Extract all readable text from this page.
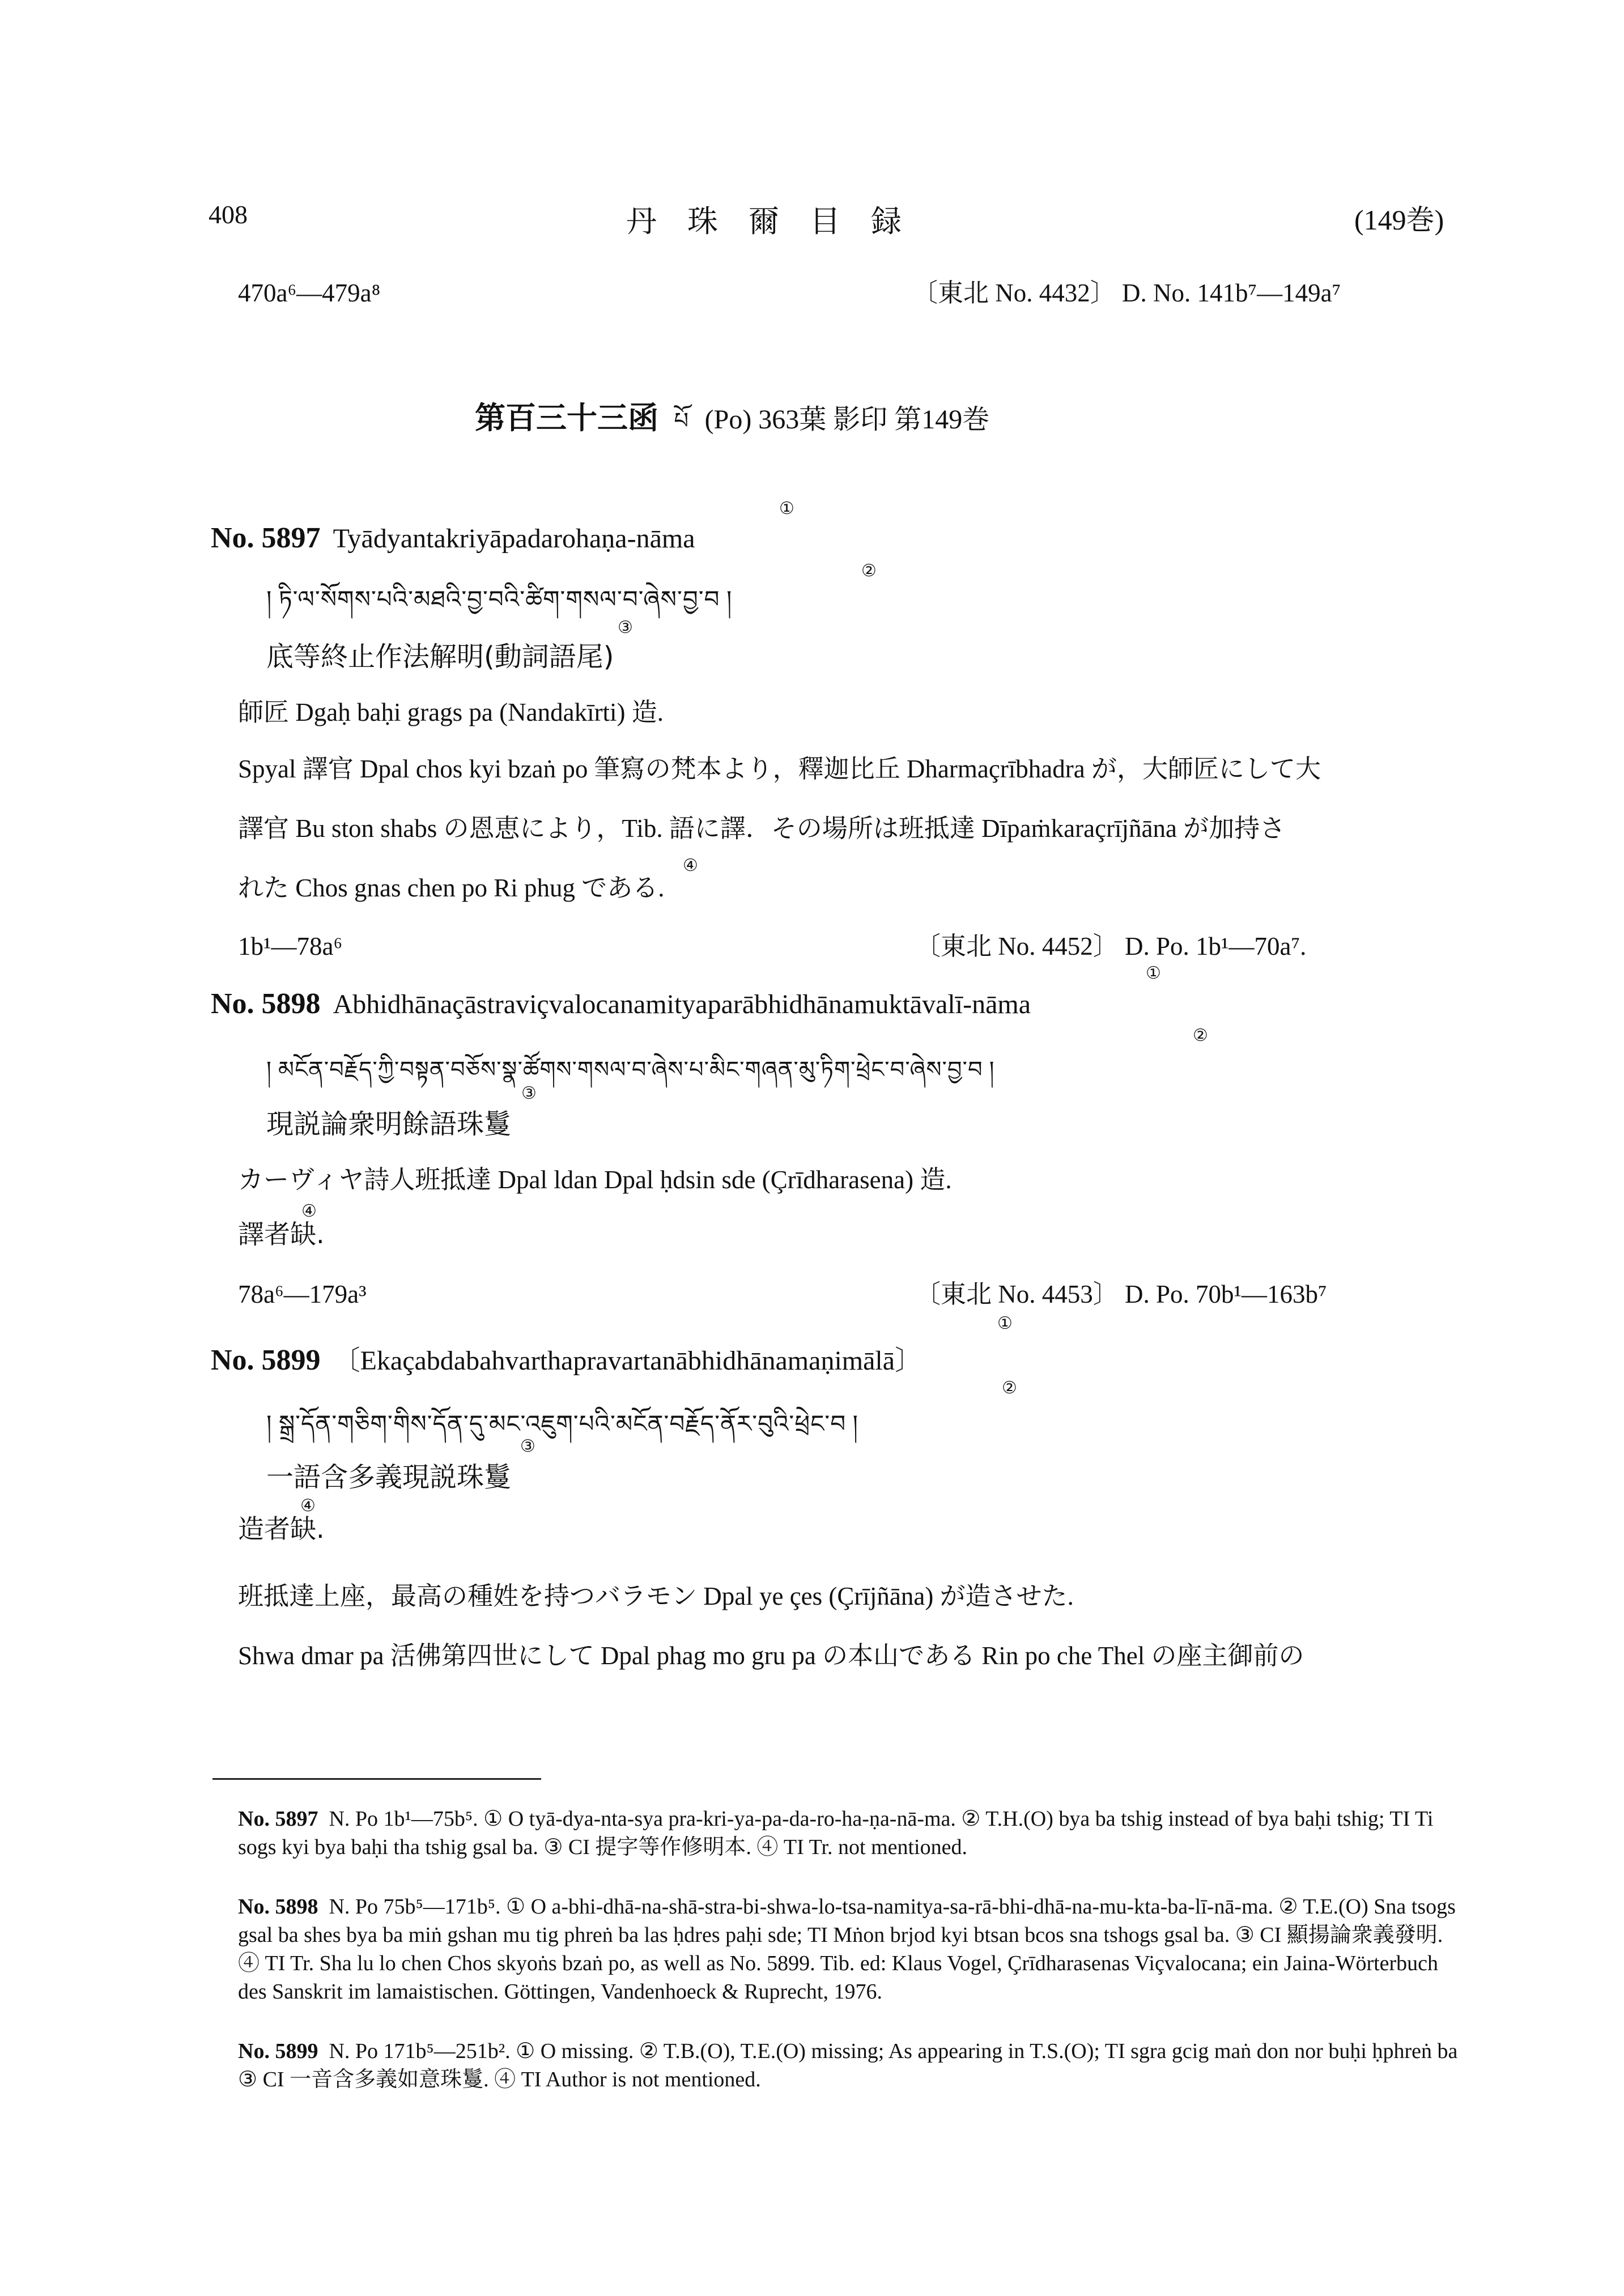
408	丹　珠　爾　目　録	(149巻)
470a⁶—479a⁸	〔東北 No. 4432〕 D. No. 141b⁷—149a⁷
第百三十三函 པོ (Po) 363葉 影印 第149巻
①
No. 5897 Tyādyantakriyāpadarohaṇa-nāma
②
། ཏི་ལ་སོགས་པའི་མཐའི་བྱ་བའི་ཚིག་གསལ་བ་ཞེས་བྱ་བ །
③
底等終止作法解明(動詞語尾)
師匠 Dgaḥ baḥi grags pa (Nandakīrti) 造.
Spyal 譯官 Dpal chos kyi bzaṅ po 筆寫の梵本より，釋迦比丘 Dharmaçrībhadra が，大師匠にして大
譯官 Bu ston shabs の恩恵により，Tib. 語に譯．その場所は班抵達 Dīpaṁkaraçrījñāna が加持さ
④
れた Chos gnas chen po Ri phug である.
1b¹—78a⁶	〔東北 No. 4452〕 D. Po. 1b¹—70a⁷.
①
No. 5898 Abhidhānaçāstraviçvalocanamityaparābhidhānamuktāvalī-nāma
②
། མངོན་བརྗོད་ཀྱི་བསྟན་བཅོས་སྣ་ཚོགས་གསལ་བ་ཞེས་པ་མིང་གཞན་མུ་ཏིག་ཕྲེང་བ་ཞེས་བྱ་བ །
③
現説論衆明餘語珠鬘
カーヴィヤ詩人班抵達 Dpal ldan Dpal ḥdsin sde (Çrīdharasena) 造.
④
譯者缺.
78a⁶—179a³	〔東北 No. 4453〕 D. Po. 70b¹—163b⁷
①
No. 5899 〔Ekaçabdabahvarthapravartanābhidhānamaṇimālā〕
②
། སྒྲ་དོན་གཅིག་གིས་དོན་དུ་མང་འཇུག་པའི་མངོན་བརྗོད་ནོར་བུའི་ཕྲེང་བ །
③
一語含多義現説珠鬘
④
造者缺.
班抵達上座，最高の種姓を持つバラモン Dpal ye çes (Çrījñāna) が造させた.
Shwa dmar pa 活佛第四世にして Dpal phag mo gru pa の本山である Rin po che Thel の座主御前の
No. 5897 N. Po 1b¹—75b⁵. ① O tyā-dya-nta-sya pra-kri-ya-pa-da-ro-ha-ṇa-nā-ma. ② T.H.(O) bya ba tshig instead of bya baḥi tshig; TI Ti sogs kyi bya baḥi tha tshig gsal ba. ③ CI 提字等作修明本. ④ TI Tr. not mentioned.
No. 5898 N. Po 75b⁵—171b⁵. ① O a-bhi-dhā-na-shā-stra-bi-shwa-lo-tsa-namitya-sa-rā-bhi-dhā-na-mu-kta-ba-lī-nā-ma. ② T.E.(O) Sna tsogs gsal ba shes bya ba miṅ gshan mu tig phreṅ ba las ḥdres paḥi sde; TI Mṅon brjod kyi btsan bcos sna tshogs gsal ba. ③ CI 顯揚論衆義發明. ④ TI Tr. Sha lu lo chen Chos skyoṅs bzaṅ po, as well as No. 5899. Tib. ed: Klaus Vogel, Çrīdharasenas Viçvalocana; ein Jaina-Wörterbuch des Sanskrit im lamaistischen. Göttingen, Vandenhoeck & Ruprecht, 1976.
No. 5899 N. Po 171b⁵—251b². ① O missing. ② T.B.(O), T.E.(O) missing; As appearing in T.S.(O); TI sgra gcig maṅ don nor buḥi ḥphreṅ ba ③ CI 一音含多義如意珠鬘. ④ TI Author is not mentioned.
